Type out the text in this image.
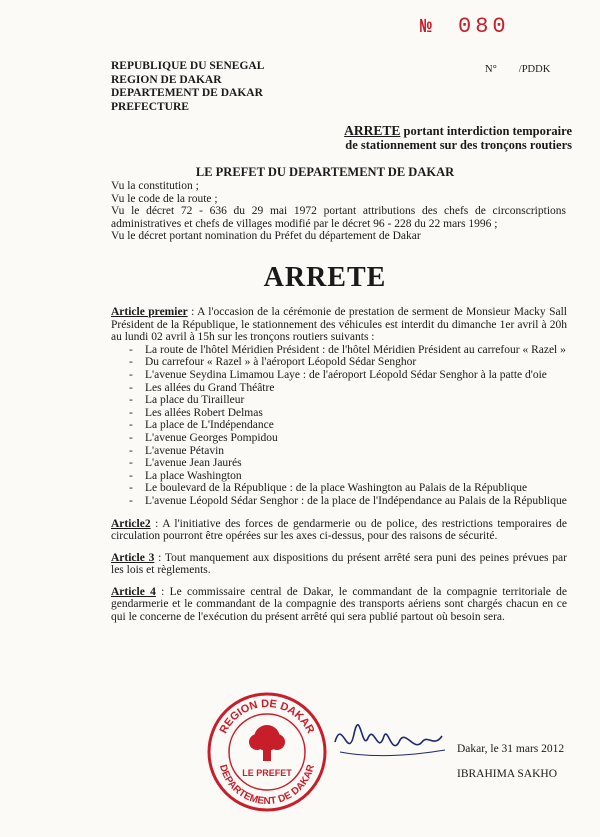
№ 080
REPUBLIQUE DU SENEGAL
REGION DE DAKAR
DEPARTEMENT DE DAKAR
PREFECTURE
N° /PDDK
ARRETE portant interdiction temporaire
de stationnement sur des tronçons routiers
LE PREFET DU DEPARTEMENT DE DAKAR

Vu la constitution ;

Vu le code de la route ;

Vu le décret 72 - 636 du 29 mai 1972 portant attributions des chefs de circonscriptions administratives et chefs de villages modifié par le décret 96 - 228 du 22 mars 1996 ;

Vu le décret portant nomination du Préfet du département de Dakar

ARRETE

Article premier : A l'occasion de la cérémonie de prestation de serment de Monsieur Macky Sall Président de la République, le stationnement des véhicules est interdit du dimanche 1er avril à 20h au lundi 02 avril à 15h sur les tronçons routiers suivants :

- La route de l'hôtel Méridien Président : de l'hôtel Méridien Président au carrefour « Razel »
- Du carrefour « Razel » à l'aéroport Léopold Sédar Senghor
- L'avenue Seydina Limamou Laye : de l'aéroport Léopold Sédar Senghor à la patte d'oie
- Les allées du Grand Théâtre
- La place du Tirailleur
- Les allées Robert Delmas
- La place de L'Indépendance
- L'avenue Georges Pompidou
- L'avenue Pétavin
- L'avenue Jean Jaurés
- La place Washington
- Le boulevard de la République : de la place Washington au Palais de la République
- L'avenue Léopold Sédar Senghor : de la place de l'Indépendance au Palais de la République

Article2 : A l'initiative des forces de gendarmerie ou de police, des restrictions temporaires de circulation pourront être opérées sur les axes ci-dessus, pour des raisons de sécurité.

Article 3 : Tout manquement aux dispositions du présent arrêté sera puni des peines prévues par les lois et règlements.

Article 4 : Le commissaire central de Dakar, le commandant de la compagnie territoriale de gendarmerie et le commandant de la compagnie des transports aériens sont chargés chacun en ce qui le concerne de l'exécution du présent arrêté qui sera publié partout où besoin sera.

REGION DE DAKAR
DEPARTEMENT DE DAKAR
LE PREFET
Dakar, le 31 mars 2012
IBRAHIMA SAKHO
